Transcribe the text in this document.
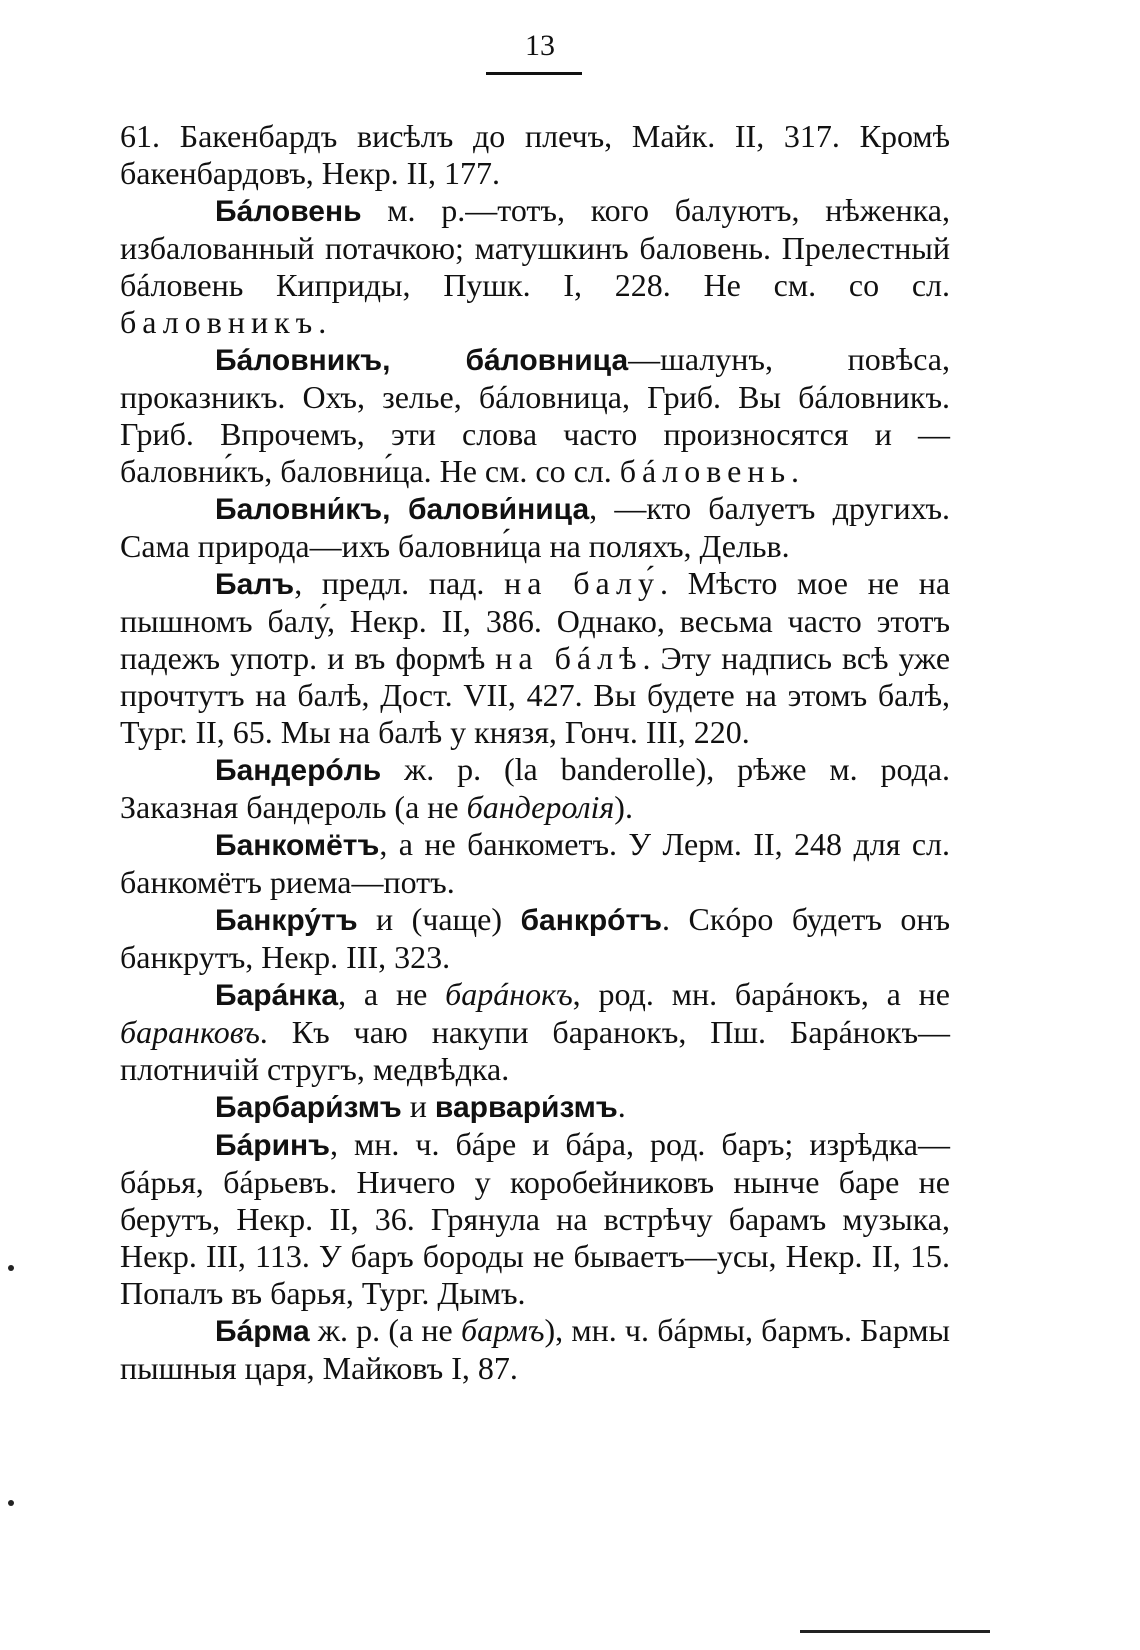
13

61. Бакенбардъ висѣлъ до плечъ, Майк. II, 317. Кромѣ бакенбардовъ, Некр. II, 177.

Бáловень м. р.—тотъ, кого балуютъ, нѣженка, избалованный потачкою; матушкинъ баловень. Прелестный бáловень Киприды, Пушк. I, 228. Не см. со сл. баловникъ.

Бáловникъ, бáловница—шалунъ, повѣса, проказникъ. Охъ, зелье, бáловница, Гриб. Вы бáловникъ. Гриб. Впрочемъ, эти слова часто произносятся и —баловни́къ, баловни́ца. Не см. со сл. бáловень.

Баловни́къ, балови́ница, —кто балуетъ другихъ. Сама природа—ихъ баловни́ца на поляхъ, Дельв.

Балъ, предл. пад. на балу́. Мѣсто мое не на пышномъ балу́, Некр. II, 386. Однако, весьма часто этотъ падежъ употр. и въ формѣ на бáлѣ. Эту надпись всѣ уже прочтутъ на балѣ, Дост. VII, 427. Вы будете на этомъ балѣ, Тург. II, 65. Мы на балѣ у князя, Гонч. III, 220.

Бандерóль ж. р. (la banderolle), рѣже м. рода. Заказная бандероль (а не бандеролія).

Банкомётъ, а не банкометъ. У Лерм. II, 248 для сл. банкомётъ риема—потъ.

Банкру́тъ и (чаще) банкрóтъ. Скóро будетъ онъ банкрутъ, Некр. III, 323.

Барáнка, а не барáнокъ, род. мн. барáнокъ, а не баранковъ. Къ чаю накупи баранокъ, Пш. Барáнокъ—плотничій стругъ, медвѣдка.

Барбари́змъ и варвари́змъ.

Бáринъ, мн. ч. бáре и бáра, род. баръ; изрѣдка—бáрья, бáрьевъ. Ничего у коробейниковъ нынче баре не берутъ, Некр. II, 36. Грянула на встрѣчу барамъ музыка, Некр. III, 113. У баръ бороды не бываетъ—усы, Некр. II, 15. Попалъ въ барья, Тург. Дымъ.

Бáрма ж. р. (а не бармъ), мн. ч. бáрмы, бармъ. Бармы пышныя царя, Майковъ I, 87.
